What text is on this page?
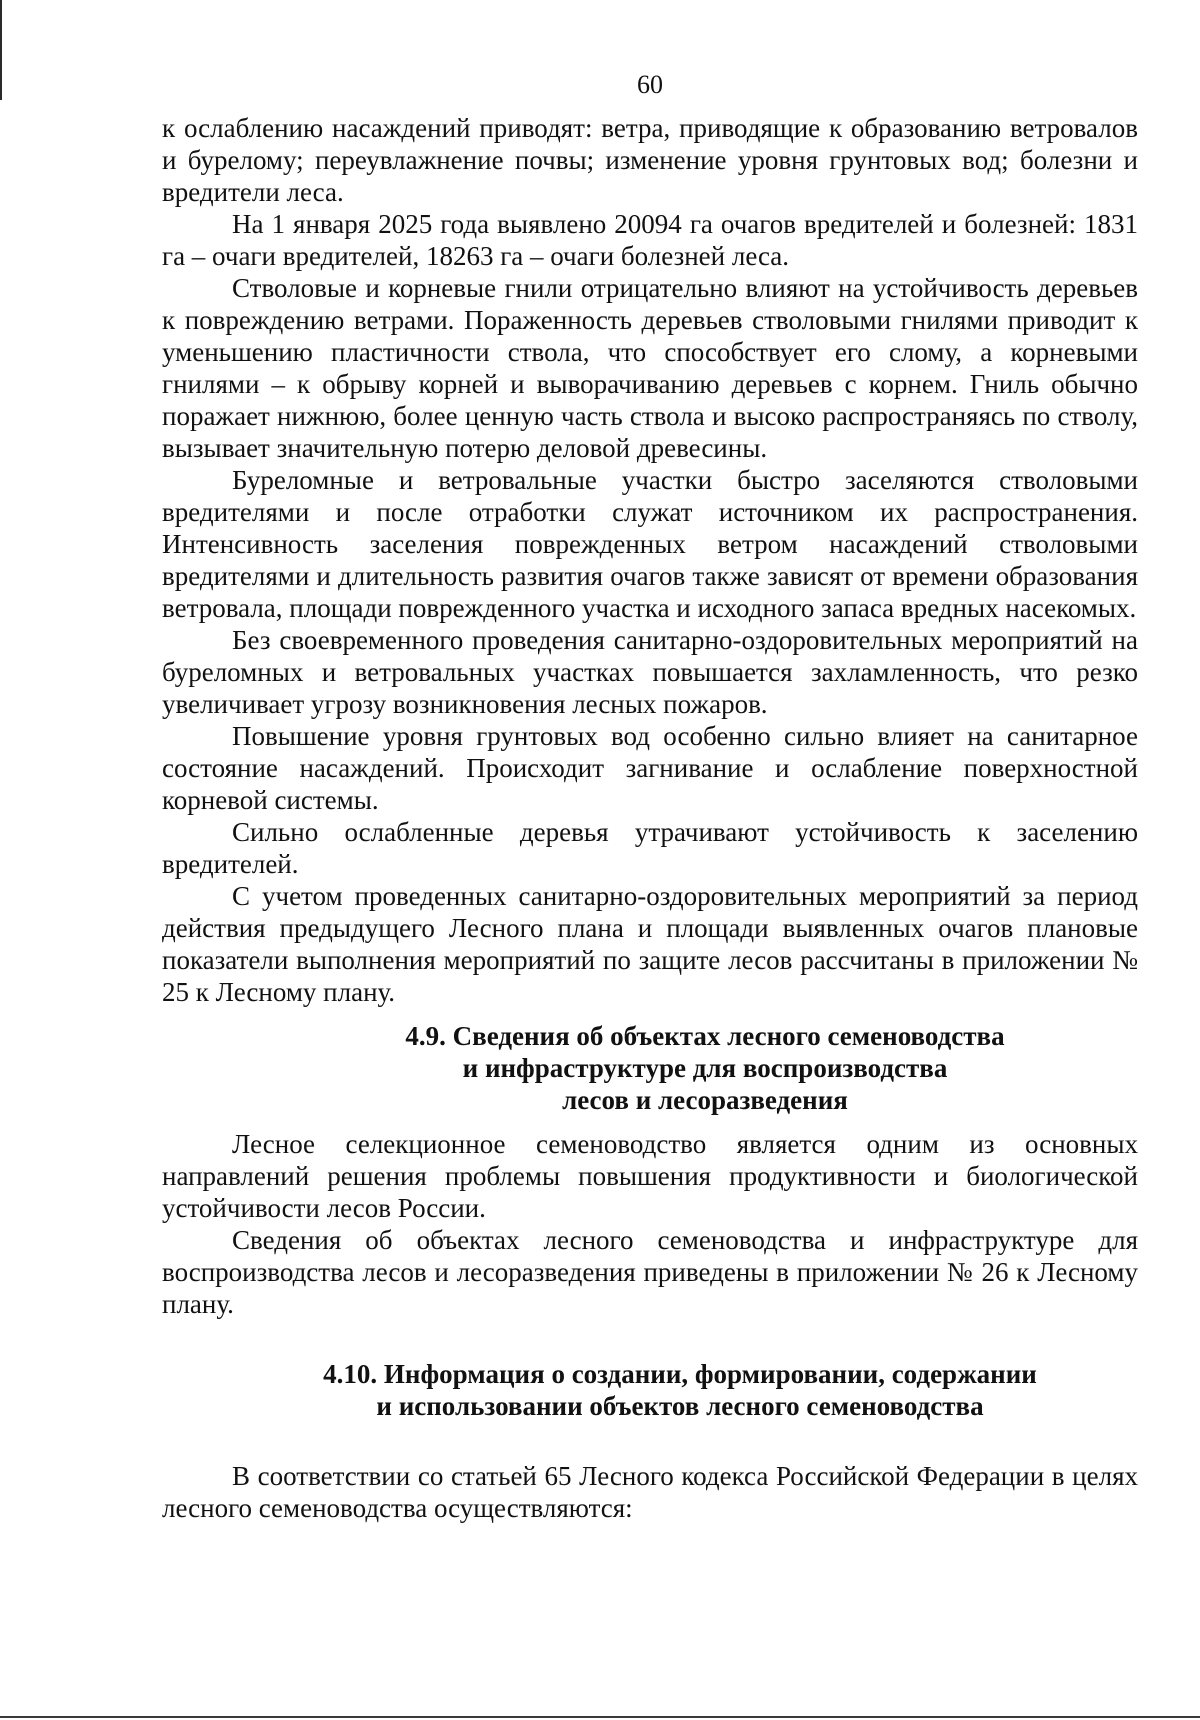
60

к ослаблению насаждений приводят: ветра, приводящие к образованию ветровалов и бурелому; переувлажнение почвы; изменение уровня грунтовых вод; болезни и вредители леса.

На 1 января 2025 года выявлено 20094 га очагов вредителей и болезней: 1831 га – очаги вредителей, 18263 га – очаги болезней леса.

Стволовые и корневые гнили отрицательно влияют на устойчивость деревьев к повреждению ветрами. Пораженность деревьев стволовыми гнилями приводит к уменьшению пластичности ствола, что способствует его слому, а корневыми гнилями – к обрыву корней и выворачиванию деревьев с корнем. Гниль обычно поражает нижнюю, более ценную часть ствола и высоко распространяясь по стволу, вызывает значительную потерю деловой древесины.

Буреломные и ветровальные участки быстро заселяются стволовыми вредителями и после отработки служат источником их распространения. Интенсивность заселения поврежденных ветром насаждений стволовыми вредителями и длительность развития очагов также зависят от времени образования ветровала, площади поврежденного участка и исходного запаса вредных насекомых.

Без своевременного проведения санитарно-оздоровительных мероприятий на буреломных и ветровальных участках повышается захламленность, что резко увеличивает угрозу возникновения лесных пожаров.

Повышение уровня грунтовых вод особенно сильно влияет на санитарное состояние насаждений. Происходит загнивание и ослабление поверхностной корневой системы.

Сильно ослабленные деревья утрачивают устойчивость к заселению вредителей.

С учетом проведенных санитарно-оздоровительных мероприятий за период действия предыдущего Лесного плана и площади выявленных очагов плановые показатели выполнения мероприятий по защите лесов рассчитаны в приложении № 25 к Лесному плану.

4.9. Сведения об объектах лесного семеноводства
и инфраструктуре для воспроизводства
лесов и лесоразведения

Лесное селекционное семеноводство является одним из основных направлений решения проблемы повышения продуктивности и биологической устойчивости лесов России.

Сведения об объектах лесного семеноводства и инфраструктуре для воспроизводства лесов и лесоразведения приведены в приложении № 26 к Лесному плану.

4.10. Информация о создании, формировании, содержании
и использовании объектов лесного семеноводства

В соответствии со статьей 65 Лесного кодекса Российской Федерации в целях лесного семеноводства осуществляются:
